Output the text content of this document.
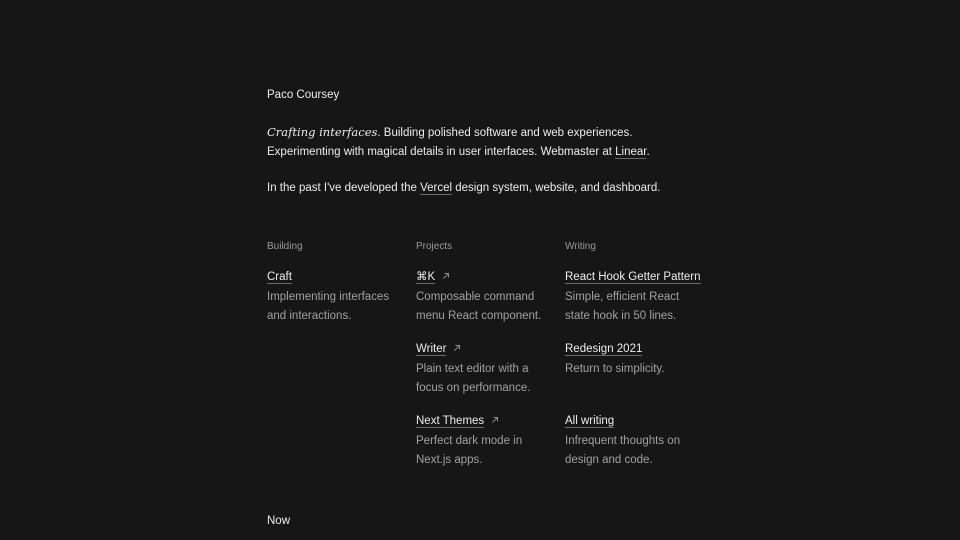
Paco Coursey

Crafting interfaces. Building polished software and web experiences. Experimenting with magical details in user interfaces. Webmaster at Linear.

In the past I've developed the Vercel design system, website, and dashboard.

Building
Craft
Implementing interfaces and interactions.
Projects
⌘K
Composable command menu React component.
Writer
Plain text editor with a focus on performance.
Next Themes
Perfect dark mode in Next.js apps.
Writing
React Hook Getter Pattern
Simple, efficient React state hook in 50 lines.
Redesign 2021
Return to simplicity.
All writing
Infrequent thoughts on design and code.
Now
